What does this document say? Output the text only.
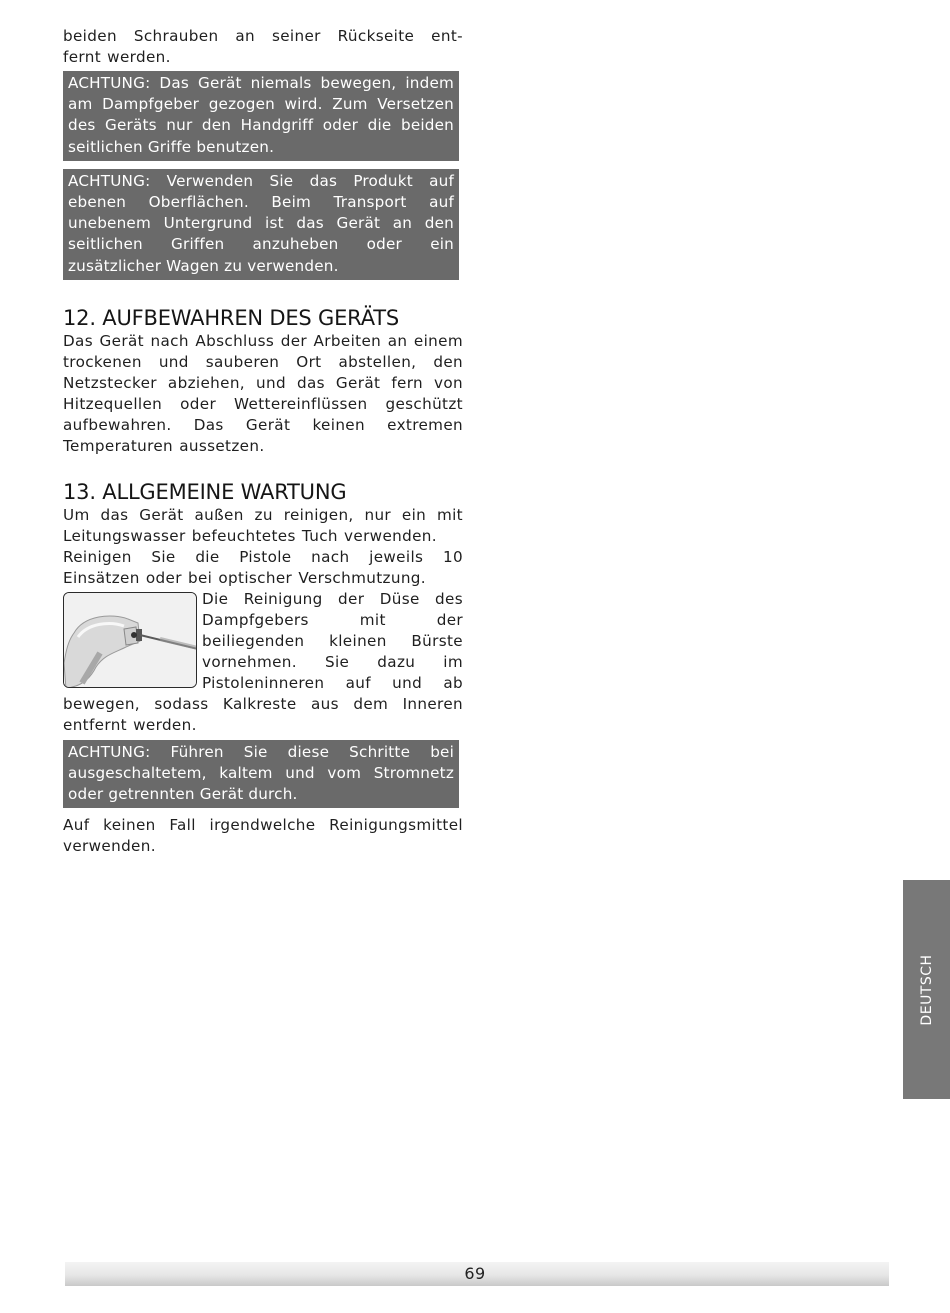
beiden Schrauben an seiner Rückseite ent-
fernt werden.

ACHTUNG: Das Gerät niemals bewegen, indem am Dampfgeber gezogen wird. Zum Versetzen des Geräts nur den Handgriff oder die beiden seitlichen Griffe benutzen.
ACHTUNG: Verwenden Sie das Produkt auf ebenen Oberflächen. Beim Transport auf unebenem Untergrund ist das Gerät an den seitlichen Griffen anzuheben oder ein zusätzlicher Wagen zu verwenden.
12. AUFBEWAHREN DES GERÄTS

Das Gerät nach Abschluss der Arbeiten an einem trockenen und sauberen Ort abstellen, den Netzstecker abziehen, und das Gerät fern von Hitzequellen oder Wettereinflüssen geschützt aufbewahren. Das Gerät keinen extremen Temperaturen aussetzen.

13. ALLGEMEINE WARTUNG

Um das Gerät außen zu reinigen, nur ein mit Leitungswasser befeuchtetes Tuch verwenden.

Reinigen Sie die Pistole nach jeweils 10 Einsätzen oder bei optischer Verschmutzung.

Die Reinigung der Düse des Dampfgebers mit der beiliegenden kleinen Bürste vornehmen. Sie dazu im Pistoleninneren auf und ab bewegen, sodass Kalkreste aus dem Inneren entfernt werden.

ACHTUNG: Führen Sie diese Schritte bei ausgeschaltetem, kaltem und vom Stromnetz oder getrennten Gerät durch.

Auf keinen Fall irgendwelche Reinigungsmittel verwenden.

DEUTSCH
69
